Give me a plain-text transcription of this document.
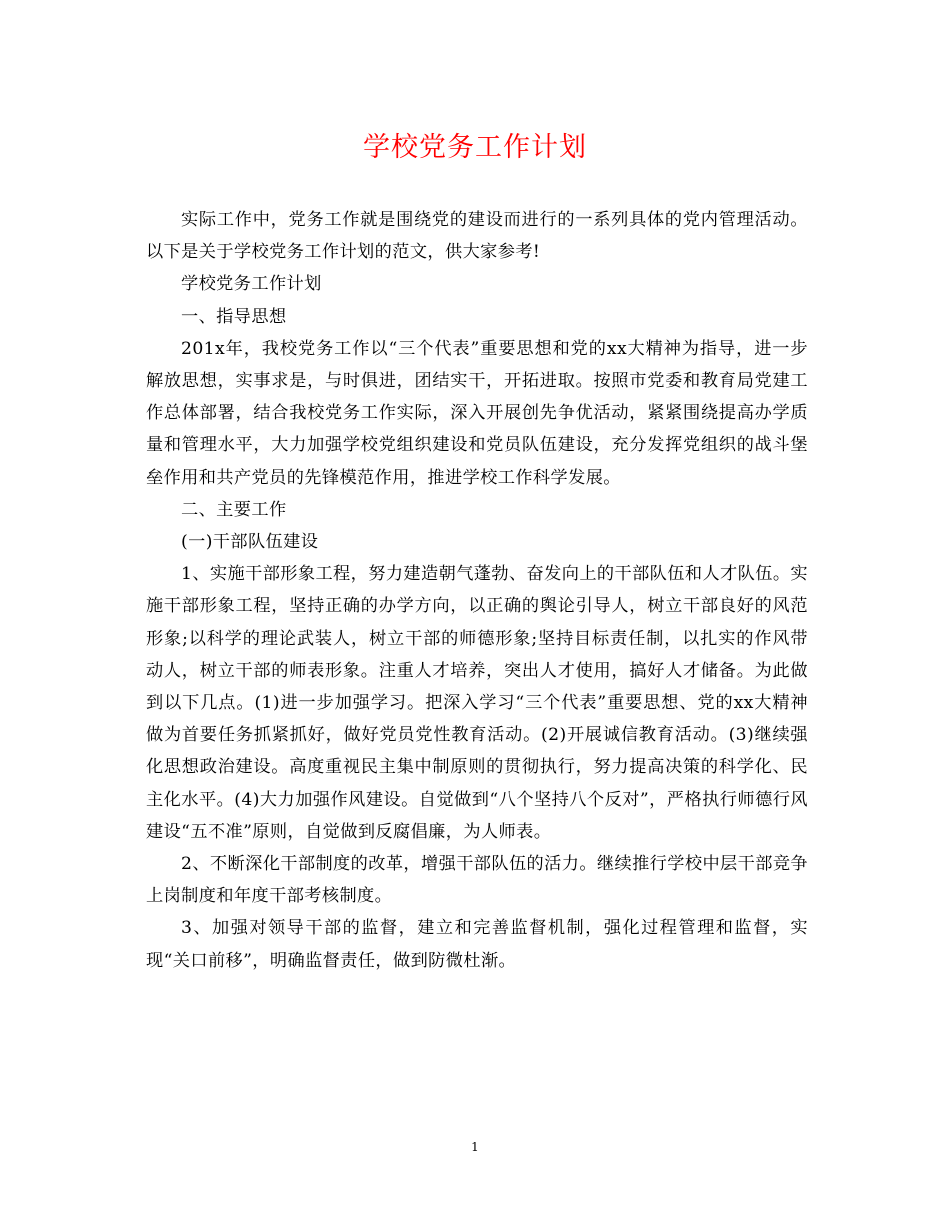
学校党务工作计划

实际工作中，党务工作就是围绕党的建设而进行的一系列具体的党内管理活动。以下是关于学校党务工作计划的范文，供大家参考!

学校党务工作计划

一、指导思想

201x年，我校党务工作以“三个代表”重要思想和党的xx大精神为指导，进一步解放思想，实事求是，与时俱进，团结实干，开拓进取。按照市党委和教育局党建工作总体部署，结合我校党务工作实际，深入开展创先争优活动，紧紧围绕提高办学质量和管理水平，大力加强学校党组织建设和党员队伍建设，充分发挥党组织的战斗堡垒作用和共产党员的先锋模范作用，推进学校工作科学发展。

二、主要工作

(一)干部队伍建设

1、实施干部形象工程，努力建造朝气蓬勃、奋发向上的干部队伍和人才队伍。实施干部形象工程，坚持正确的办学方向，以正确的舆论引导人，树立干部良好的风范形象;以科学的理论武装人，树立干部的师德形象;坚持目标责任制，以扎实的作风带动人，树立干部的师表形象。注重人才培养，突出人才使用，搞好人才储备。为此做到以下几点。(1)进一步加强学习。把深入学习“三个代表”重要思想、党的xx大精神做为首要任务抓紧抓好，做好党员党性教育活动。(2)开展诚信教育活动。(3)继续强化思想政治建设。高度重视民主集中制原则的贯彻执行，努力提高决策的科学化、民主化水平。(4)大力加强作风建设。自觉做到“八个坚持八个反对”，严格执行师德行风建设“五不准”原则，自觉做到反腐倡廉，为人师表。

2、不断深化干部制度的改革，增强干部队伍的活力。继续推行学校中层干部竞争上岗制度和年度干部考核制度。

3、加强对领导干部的监督，建立和完善监督机制，强化过程管理和监督，实现“关口前移”，明确监督责任，做到防微杜渐。

1
